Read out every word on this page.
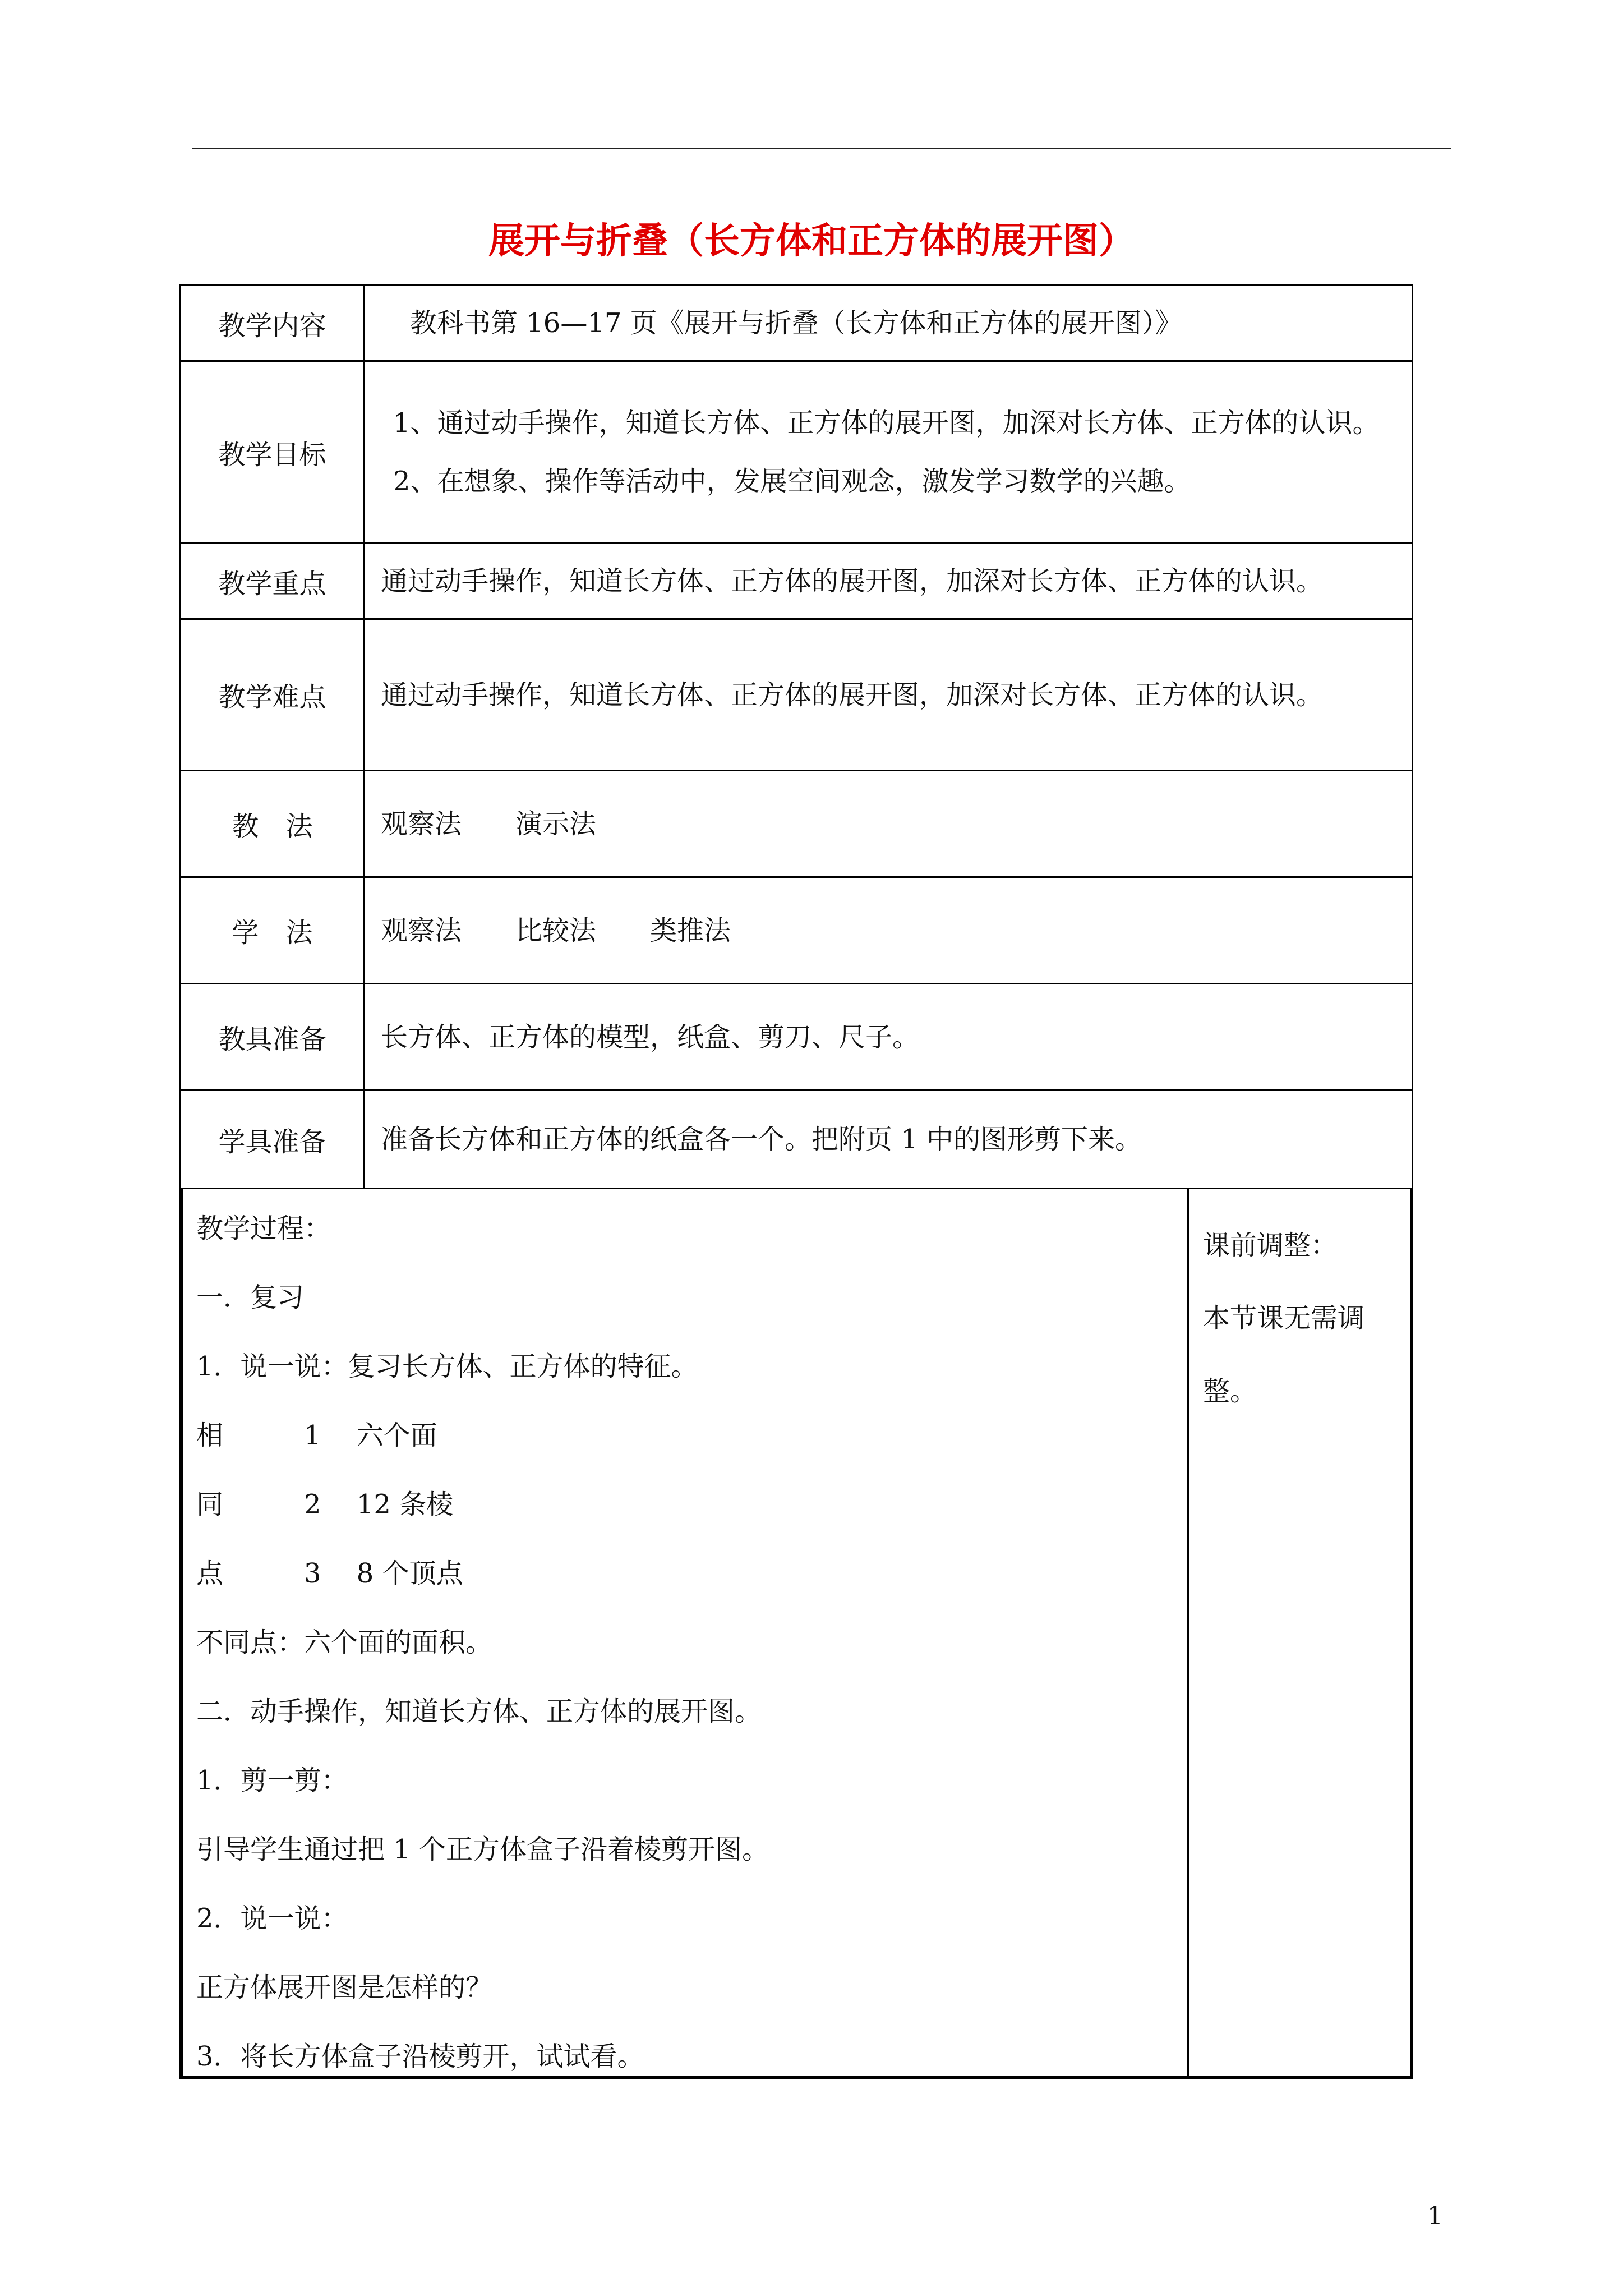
展开与折叠（长方体和正方体的展开图）
教学内容	教科书第 16—17 页《展开与折叠（长方体和正方体的展开图）》
教学目标	1、通过动手操作，知道长方体、正方体的展开图，加深对长方体、正方体的认识。
2、在想象、操作等活动中，发展空间观念，激发学习数学的兴趣。

教学重点	通过动手操作，知道长方体、正方体的展开图，加深对长方体、正方体的认识。
教学难点	通过动手操作，知道长方体、正方体的展开图，加深对长方体、正方体的认识。
教　法	观察法　　演示法
学　法	观察法　　比较法　　类推法
教具准备	长方体、正方体的模型，纸盒、剪刀、尺子。
学具准备	准备长方体和正方体的纸盒各一个。把附页 1 中的图形剪下来。
教学过程：
一．复习
1．说一说：复习长方体、正方体的特征。
相　　　1　 六个面
同　　　2　 12 条棱
点　　　3　 8 个顶点
不同点：六个面的面积。
二．动手操作，知道长方体、正方体的展开图。
1．剪一剪：
引导学生通过把 1 个正方体盒子沿着棱剪开图。
2．说一说：
正方体展开图是怎样的？
3．将长方体盒子沿棱剪开，试试看。
课前调整：
本节课无需调
整。
1
